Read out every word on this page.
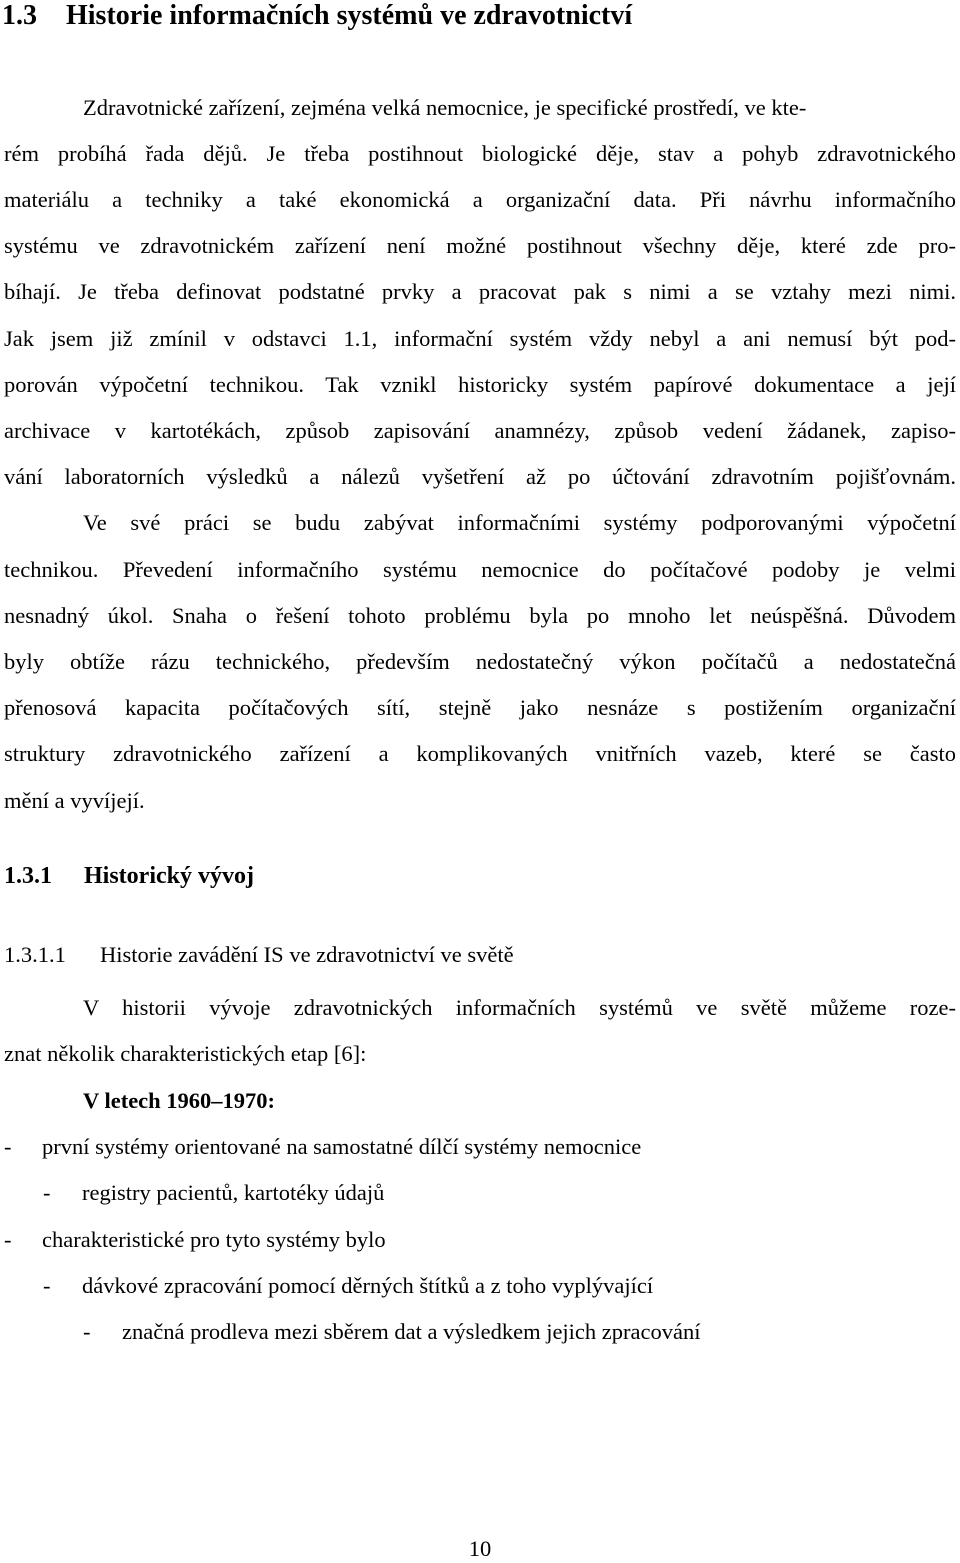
1.3 Historie informačních systémů ve zdravotnictví
Zdravotnické zařízení, zejména velká nemocnice, je specifické prostředí, ve kte-
rém probíhá řada dějů. Je třeba postihnout biologické děje, stav a pohyb zdravotnického
materiálu a techniky a také ekonomická a organizační data. Při návrhu informačního
systému ve zdravotnickém zařízení není možné postihnout všechny děje, které zde pro-
bíhají. Je třeba definovat podstatné prvky a pracovat pak s nimi a se vztahy mezi nimi.
Jak jsem již zmínil v odstavci 1.1, informační systém vždy nebyl a ani nemusí být pod-
porován výpočetní technikou. Tak vznikl historicky systém papírové dokumentace a její
archivace v kartotékách, způsob zapisování anamnézy, způsob vedení žádanek, zapiso-
vání laboratorních výsledků a nálezů vyšetření až po účtování zdravotním pojišťovnám.
Ve své práci se budu zabývat informačními systémy podporovanými výpočetní
technikou. Převedení informačního systému nemocnice do počítačové podoby je velmi
nesnadný úkol. Snaha o řešení tohoto problému byla po mnoho let neúspěšná. Důvodem
byly obtíže rázu technického, především nedostatečný výkon počítačů a nedostatečná
přenosová kapacita počítačových sítí, stejně jako nesnáze s postižením organizační
struktury zdravotnického zařízení a komplikovaných vnitřních vazeb, které se často
mění a vyvíjejí.
1.3.1 Historický vývoj
1.3.1.1 Historie zavádění IS ve zdravotnictví ve světě
V historii vývoje zdravotnických informačních systémů ve světě můžeme roze-
znat několik charakteristických etap [6]:
V letech 1960–1970:
- první systémy orientované na samostatné dílčí systémy nemocnice
- registry pacientů, kartotéky údajů
- charakteristické pro tyto systémy bylo
- dávkové zpracování pomocí děrných štítků a z toho vyplývající
- značná prodleva mezi sběrem dat a výsledkem jejich zpracování
10
